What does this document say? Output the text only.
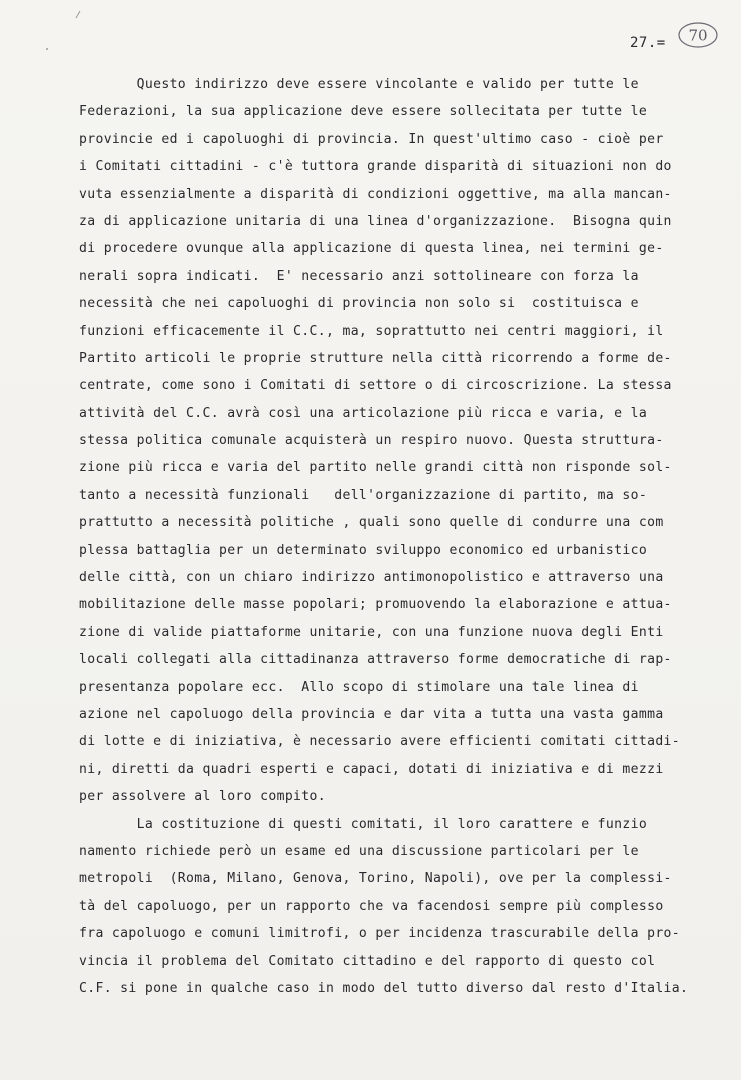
27.= 70
Questo indirizzo deve essere vincolante e valido per tutte le
Federazioni, la sua applicazione deve essere sollecitata per tutte le
provincie ed i capoluoghi di provincia. In quest'ultimo caso - cioè per
i Comitati cittadini - c'è tuttora grande disparità di situazioni non do
vuta essenzialmente a disparità di condizioni oggettive, ma alla mancan-
za di applicazione unitaria di una linea d'organizzazione.  Bisogna quin
di procedere ovunque alla applicazione di questa linea, nei termini ge-
nerali sopra indicati.  E' necessario anzi sottolineare con forza la
necessità che nei capoluoghi di provincia non solo si  costituisca e
funzioni efficacemente il C.C., ma, soprattutto nei centri maggiori, il
Partito articoli le proprie strutture nella città ricorrendo a forme de-
centrate, come sono i Comitati di settore o di circoscrizione. La stessa
attività del C.C. avrà così una articolazione più ricca e varia, e la
stessa politica comunale acquisterà un respiro nuovo. Questa struttura-
zione più ricca e varia del partito nelle grandi città non risponde sol-
tanto a necessità funzionali   dell'organizzazione di partito, ma so-
prattutto a necessità politiche , quali sono quelle di condurre una com
plessa battaglia per un determinato sviluppo economico ed urbanistico
delle città, con un chiaro indirizzo antimonopolistico e attraverso una
mobilitazione delle masse popolari; promuovendo la elaborazione e attua-
zione di valide piattaforme unitarie, con una funzione nuova degli Enti
locali collegati alla cittadinanza attraverso forme democratiche di rap-
presentanza popolare ecc.  Allo scopo di stimolare una tale linea di
azione nel capoluogo della provincia e dar vita a tutta una vasta gamma
di lotte e di iniziativa, è necessario avere efficienti comitati cittadi-
ni, diretti da quadri esperti e capaci, dotati di iniziativa e di mezzi
per assolvere al loro compito.
La costituzione di questi comitati, il loro carattere e funzio
namento richiede però un esame ed una discussione particolari per le
metropoli  (Roma, Milano, Genova, Torino, Napoli), ove per la complessi-
tà del capoluogo, per un rapporto che va facendosi sempre più complesso
fra capoluogo e comuni limitrofi, o per incidenza trascurabile della pro-
vincia il problema del Comitato cittadino e del rapporto di questo col
C.F. si pone in qualche caso in modo del tutto diverso dal resto d'Italia.
